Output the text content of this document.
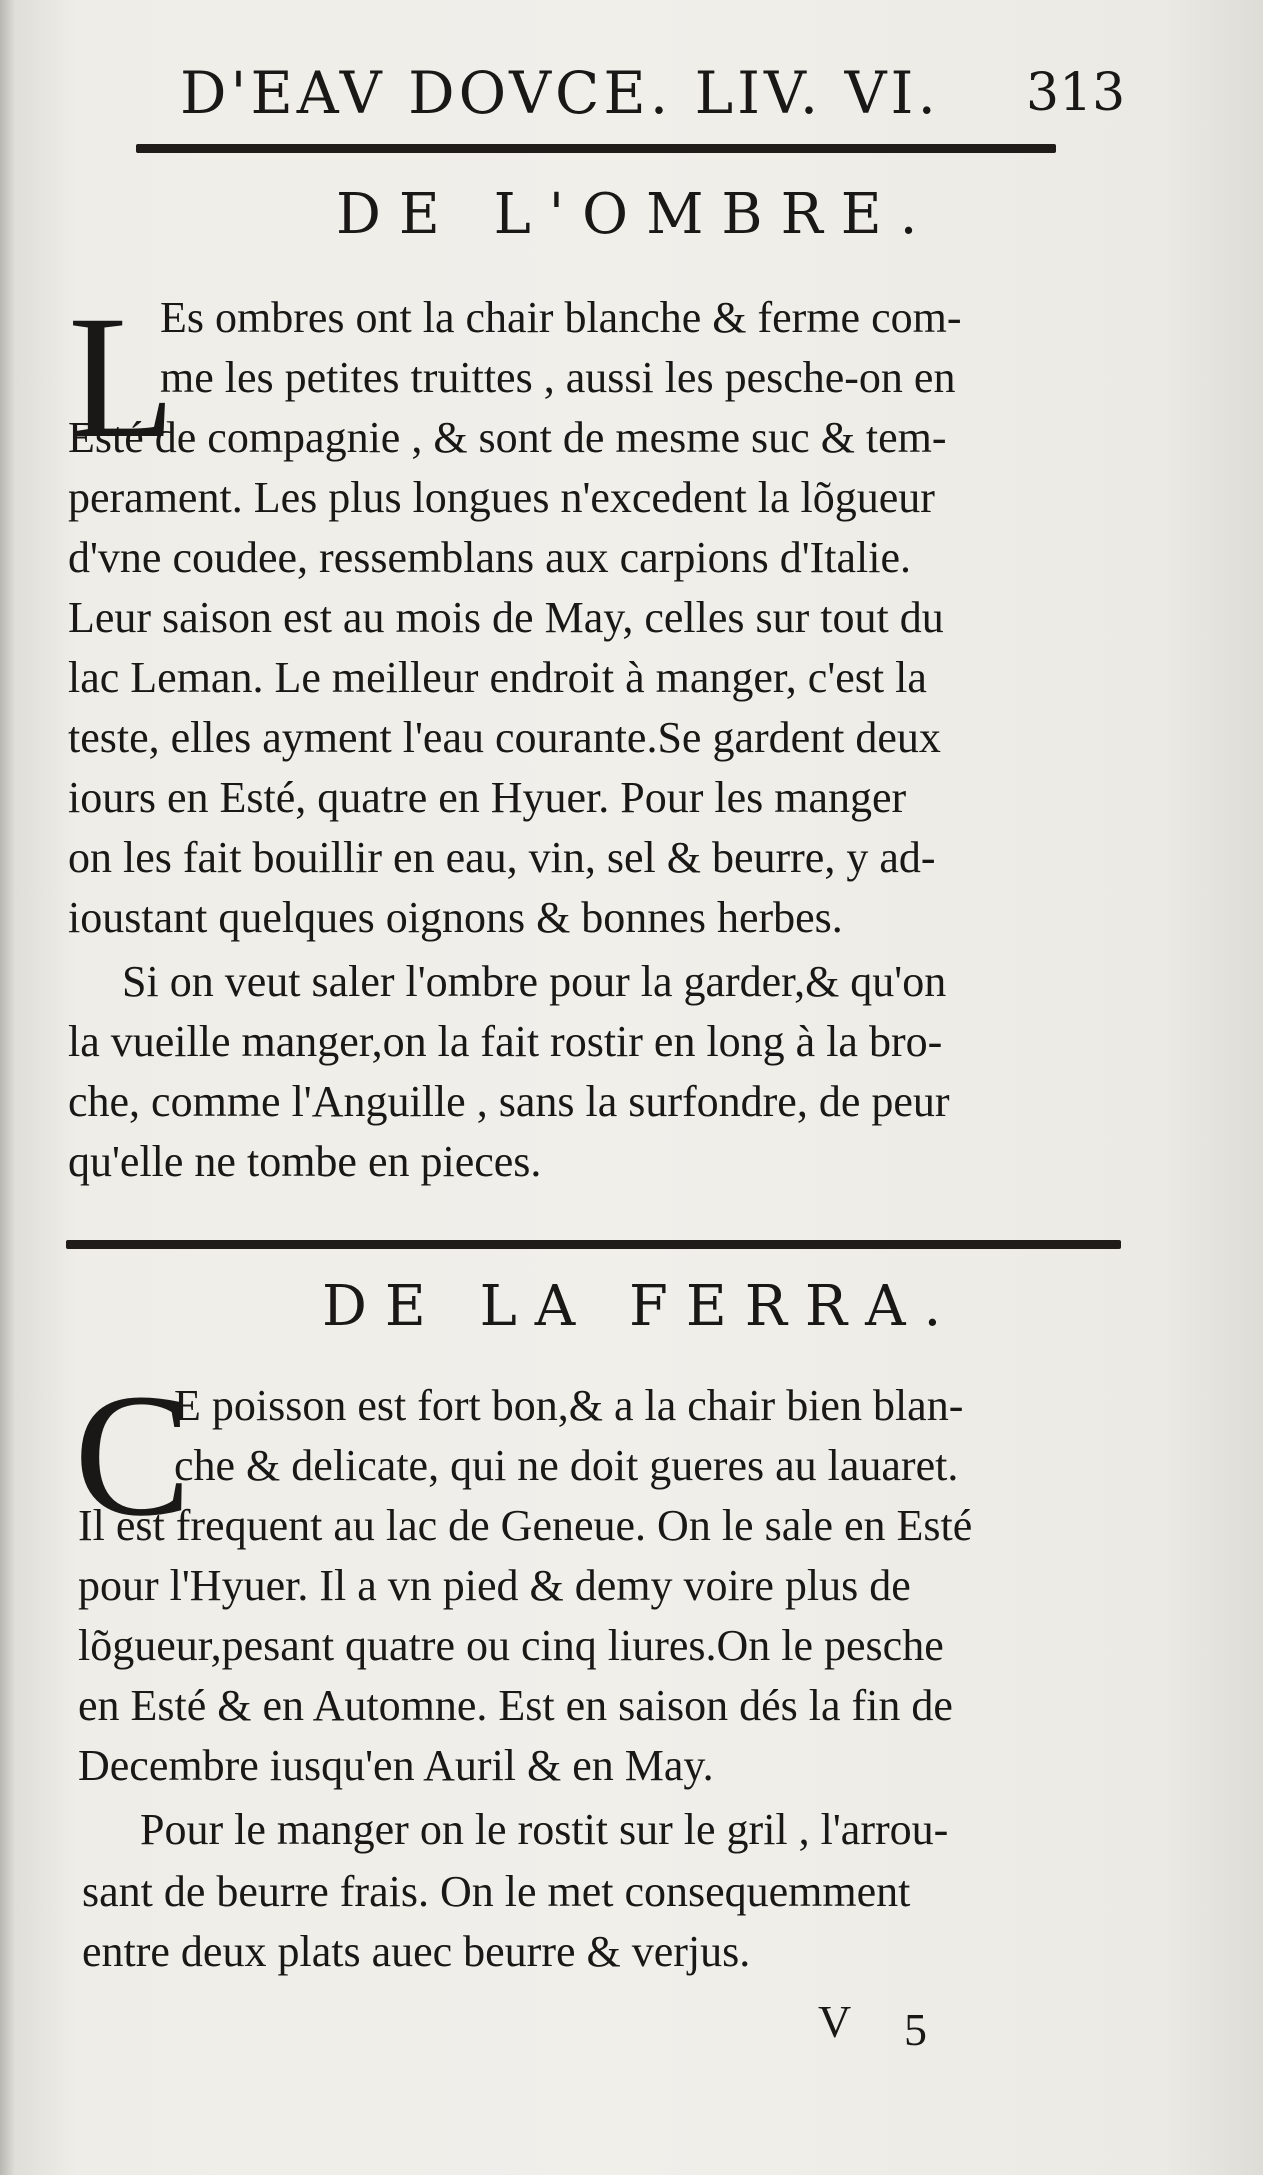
D'EAV DOVCE. LIV. VI. 313
DE L'OMBRE.
L
Es ombres ont la chair blanche & ferme com-
me les petites truittes , aussi les pesche-on en
Esté de compagnie , & sont de mesme suc & tem-
perament. Les plus longues n'excedent la lõgueur
d'vne coudee, ressemblans aux carpions d'Italie.
Leur saison est au mois de May, celles sur tout du
lac Leman. Le meilleur endroit à manger, c'est la
teste, elles ayment l'eau courante.Se gardent deux
iours en Esté, quatre en Hyuer. Pour les manger
on les fait bouillir en eau, vin, sel & beurre, y ad-
ioustant quelques oignons & bonnes herbes.
Si on veut saler l'ombre pour la garder,& qu'on
la vueille manger,on la fait rostir en long à la bro-
che, comme l'Anguille , sans la surfondre, de peur
qu'elle ne tombe en pieces.
DE LA FERRA.
C
E poisson est fort bon,& a la chair bien blan-
che & delicate, qui ne doit gueres au lauaret.
Il est frequent au lac de Geneue. On le sale en Esté
pour l'Hyuer. Il a vn pied & demy voire plus de
lõgueur,pesant quatre ou cinq liures.On le pesche
en Esté & en Automne. Est en saison dés la fin de
Decembre iusqu'en Auril & en May.
Pour le manger on le rostit sur le gril , l'arrou-
sant de beurre frais. On le met consequemment
entre deux plats auec beurre & verjus.
V 5
